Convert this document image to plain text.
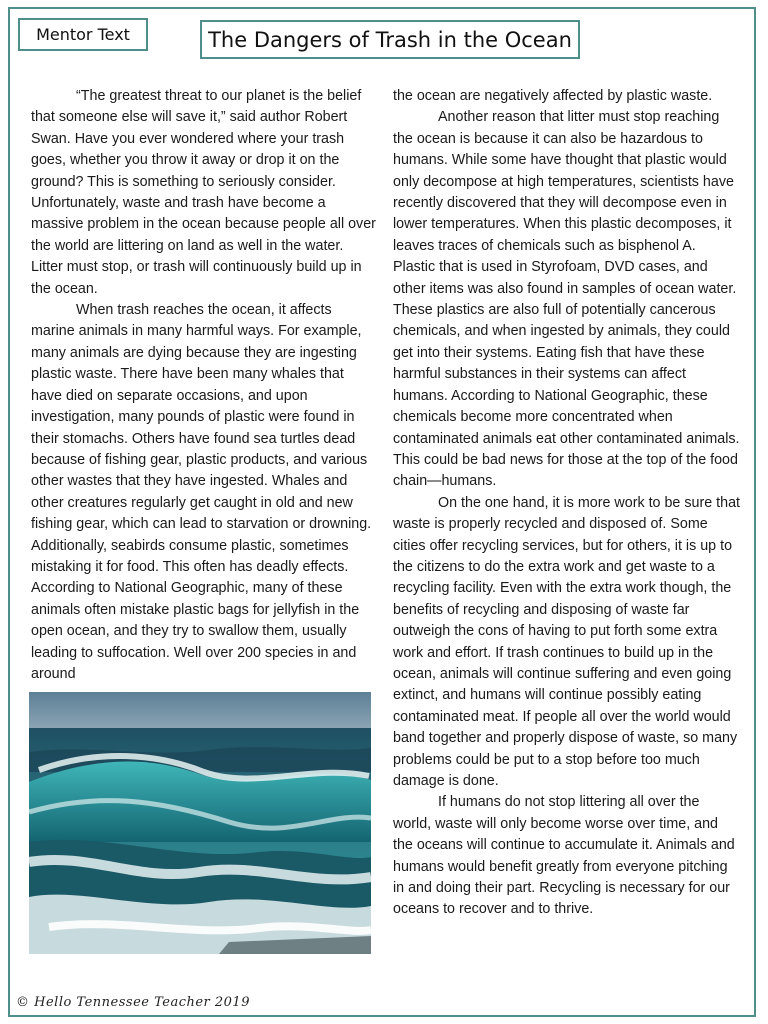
Mentor Text	The Dangers of Trash in the Ocean

“The greatest threat to our planet is the belief that someone else will save it,” said author Robert Swan. Have you ever wondered where your trash goes, whether you throw it away or drop it on the ground? This is something to seriously consider. Unfortunately, waste and trash have become a massive problem in the ocean because people all over the world are littering on land as well in the water. Litter must stop, or trash will continuously build up in the ocean.

When trash reaches the ocean, it affects marine animals in many harmful ways. For example, many animals are dying because they are ingesting plastic waste. There have been many whales that have died on separate occasions, and upon investigation, many pounds of plastic were found in their stomachs. Others have found sea turtles dead because of fishing gear, plastic products, and various other wastes that they have ingested. Whales and other creatures regularly get caught in old and new fishing gear, which can lead to starvation or drowning. Additionally, seabirds consume plastic, sometimes mistaking it for food. This often has deadly effects. According to National Geographic, many of these animals often mistake plastic bags for jellyfish in the open ocean, and they try to swallow them, usually leading to suffocation. Well over 200 species in and around

the ocean are negatively affected by plastic waste.

Another reason that litter must stop reaching the ocean is because it can also be hazardous to humans. While some have thought that plastic would only decompose at high temperatures, scientists have recently discovered that they will decompose even in lower temperatures. When this plastic decomposes, it leaves traces of chemicals such as bisphenol A. Plastic that is used in Styrofoam, DVD cases, and other items was also found in samples of ocean water. These plastics are also full of potentially cancerous chemicals, and when ingested by animals, they could get into their systems. Eating fish that have these harmful substances in their systems can affect humans. According to National Geographic, these chemicals become more concentrated when contaminated animals eat other contaminated animals. This could be bad news for those at the top of the food chain—humans.

On the one hand, it is more work to be sure that waste is properly recycled and disposed of. Some cities offer recycling services, but for others, it is up to the citizens to do the extra work and get waste to a recycling facility. Even with the extra work though, the benefits of recycling and disposing of waste far outweigh the cons of having to put forth some extra work and effort. If trash continues to build up in the ocean, animals will continue suffering and even going extinct, and humans will continue possibly eating contaminated meat. If people all over the world would band together and properly dispose of waste, so many problems could be put to a stop before too much damage is done.

If humans do not stop littering all over the world, waste will only become worse over time, and the oceans will continue to accumulate it. Animals and humans would benefit greatly from everyone pitching in and doing their part. Recycling is necessary for our oceans to recover and to thrive.

© Hello Tennessee Teacher 2019
